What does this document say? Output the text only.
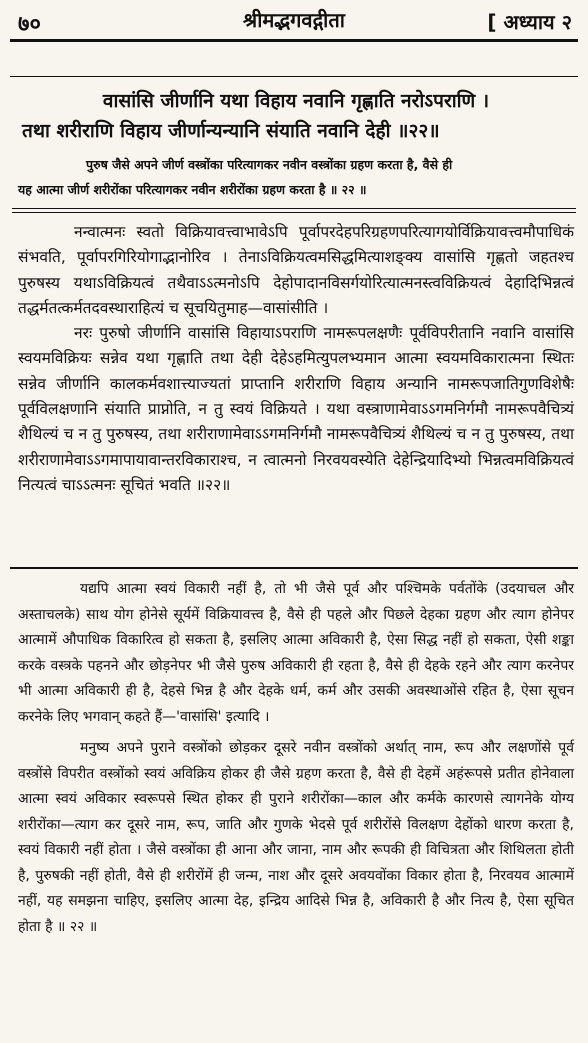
७०	श्रीमद्भगवद्गीता	[ अध्याय २
वासांसि जीर्णानि यथा विहाय नवानि गृह्णाति नरोऽपराणि ।
तथा शरीराणि विहाय जीर्णान्यन्यानि संयाति नवानि देही ॥२२॥
पुरुष जैसे अपने जीर्ण वस्त्रोंका परित्यागकर नवीन वस्त्रोंका ग्रहण करता है, वैसे ही
यह आत्मा जीर्ण शरीरोंका परित्यागकर नवीन शरीरोंका ग्रहण करता है ॥ २२ ॥

नन्वात्मनः स्वतो विक्रियावत्त्वाभावेऽपि पूर्वापरदेहपरिग्रहणपरित्यागयोर्विक्रियावत्त्वमौपाधिकं संभवति, पूर्वापरगिरियोगाद्भानोरिव । तेनाऽविक्रियत्वमसिद्धमित्याशङ्क्य वासांसि गृह्णतो जहतश्च पुरुषस्य यथाऽविक्रियत्वं तथैवाऽऽत्मनोऽपि देहोपादानविसर्गयोरित्यात्मनस्त्वविक्रियत्वं देहादिभिन्नत्वं तद्धर्मतत्कर्मतदवस्थाराहित्यं च सूचयितुमाह—वासांसीति ।

नरः पुरुषो जीर्णानि वासांसि विहायाऽपराणि नामरूपलक्षणैः पूर्वविपरीतानि नवानि वासांसि स्वयमविक्रियः सन्नेव यथा गृह्णाति तथा देही देहेऽहमित्युपलभ्यमान आत्मा स्वयमविकारात्मना स्थितः सन्नेव जीर्णानि कालकर्मवशात्त्याज्यतां प्राप्तानि शरीराणि विहाय अन्यानि नामरूपजातिगुणविशेषैः पूर्वविलक्षणानि संयाति प्राप्नोति, न तु स्वयं विक्रियते । यथा वस्त्राणामेवाऽऽगमनिर्गमौ नामरूपवैचित्र्यं शैथिल्यं च न तु पुरुषस्य, तथा शरीराणामेवाऽऽगमनिर्गमौ नामरूपवैचित्र्यं शैथिल्यं च न तु पुरुषस्य, तथा शरीराणामेवाऽऽगमापायावान्तरविकाराश्च, न त्वात्मनो निरवयवस्येति देहेन्द्रियादिभ्यो भिन्नत्वमविक्रियत्वं नित्यत्वं चाऽऽत्मनः सूचितं भवति ॥२२॥

यद्यपि आत्मा स्वयं विकारी नहीं है, तो भी जैसे पूर्व और पश्चिमके पर्वतोंके (उदयाचल और अस्ताचलके) साथ योग होनेसे सूर्यमें विक्रियावत्त्व है, वैसे ही पहले और पिछले देहका ग्रहण और त्याग होनेपर आत्मामें औपाधिक विकारित्व हो सकता है, इसलिए आत्मा अविकारी है, ऐसा सिद्ध नहीं हो सकता, ऐसी शङ्का करके वस्त्रके पहनने और छोड़नेपर भी जैसे पुरुष अविकारी ही रहता है, वैसे ही देहके रहने और त्याग करनेपर भी आत्मा अविकारी ही है, देहसे भिन्न है और देहके धर्म, कर्म और उसकी अवस्थाओंसे रहित है, ऐसा सूचन करनेके लिए भगवान् कहते हैं—'वासांसि' इत्यादि ।

मनुष्य अपने पुराने वस्त्रोंको छोड़कर दूसरे नवीन वस्त्रोंको अर्थात् नाम, रूप और लक्षणोंसे पूर्व वस्त्रोंसे विपरीत वस्त्रोंको स्वयं अविक्रिय होकर ही जैसे ग्रहण करता है, वैसे ही देहमें अहंरूपसे प्रतीत होनेवाला आत्मा स्वयं अविकार स्वरूपसे स्थित होकर ही पुराने शरीरोंका—काल और कर्मके कारणसे त्यागनेके योग्य शरीरोंका—त्याग कर दूसरे नाम, रूप, जाति और गुणके भेदसे पूर्व शरीरोंसे विलक्षण देहोंको धारण करता है, स्वयं विकारी नहीं होता । जैसे वस्त्रोंका ही आना और जाना, नाम और रूपकी ही विचित्रता और शिथिलता होती है, पुरुषकी नहीं होती, वैसे ही शरीरोंमें ही जन्म, नाश और दूसरे अवयवोंका विकार होता है, निरवयव आत्मामें नहीं, यह समझना चाहिए, इसलिए आत्मा देह, इन्द्रिय आदिसे भिन्न है, अविकारी है और नित्य है, ऐसा सूचित होता है ॥ २२ ॥
